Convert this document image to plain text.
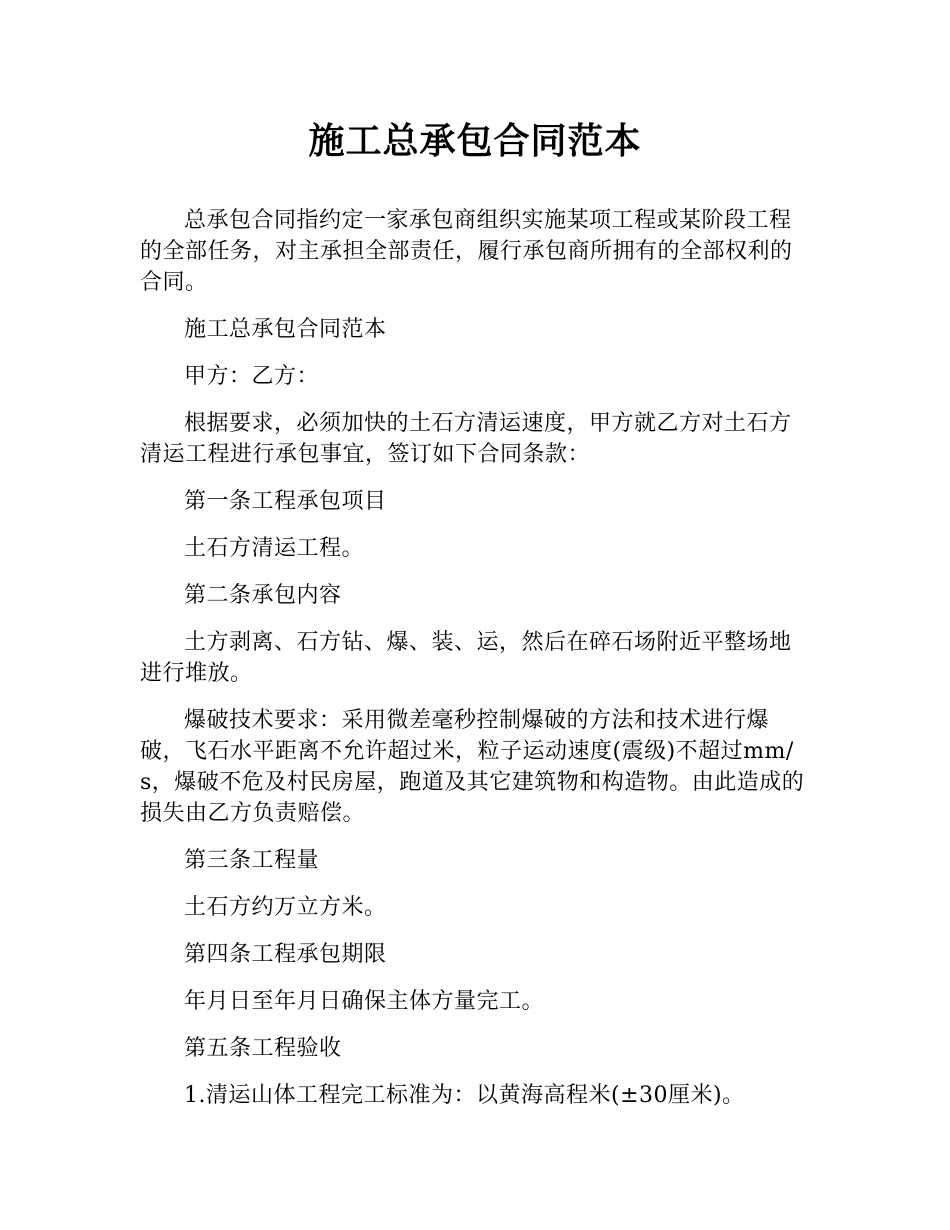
施工总承包合同范本

总承包合同指约定一家承包商组织实施某项工程或某阶段工程的全部任务，对主承担全部责任，履行承包商所拥有的全部权利的合同。

施工总承包合同范本

甲方：乙方：

根据要求，必须加快的土石方清运速度，甲方就乙方对土石方清运工程进行承包事宜，签订如下合同条款：

第一条工程承包项目

土石方清运工程。

第二条承包内容

土方剥离、石方钻、爆、装、运，然后在碎石场附近平整场地进行堆放。

爆破技术要求：采用微差毫秒控制爆破的方法和技术进行爆破，飞石水平距离不允许超过米，粒子运动速度(震级)不超过mm/s，爆破不危及村民房屋，跑道及其它建筑物和构造物。由此造成的损失由乙方负责赔偿。

第三条工程量

土石方约万立方米。

第四条工程承包期限

年月日至年月日确保主体方量完工。

第五条工程验收

1.清运山体工程完工标准为：以黄海高程米(±30厘米)。
